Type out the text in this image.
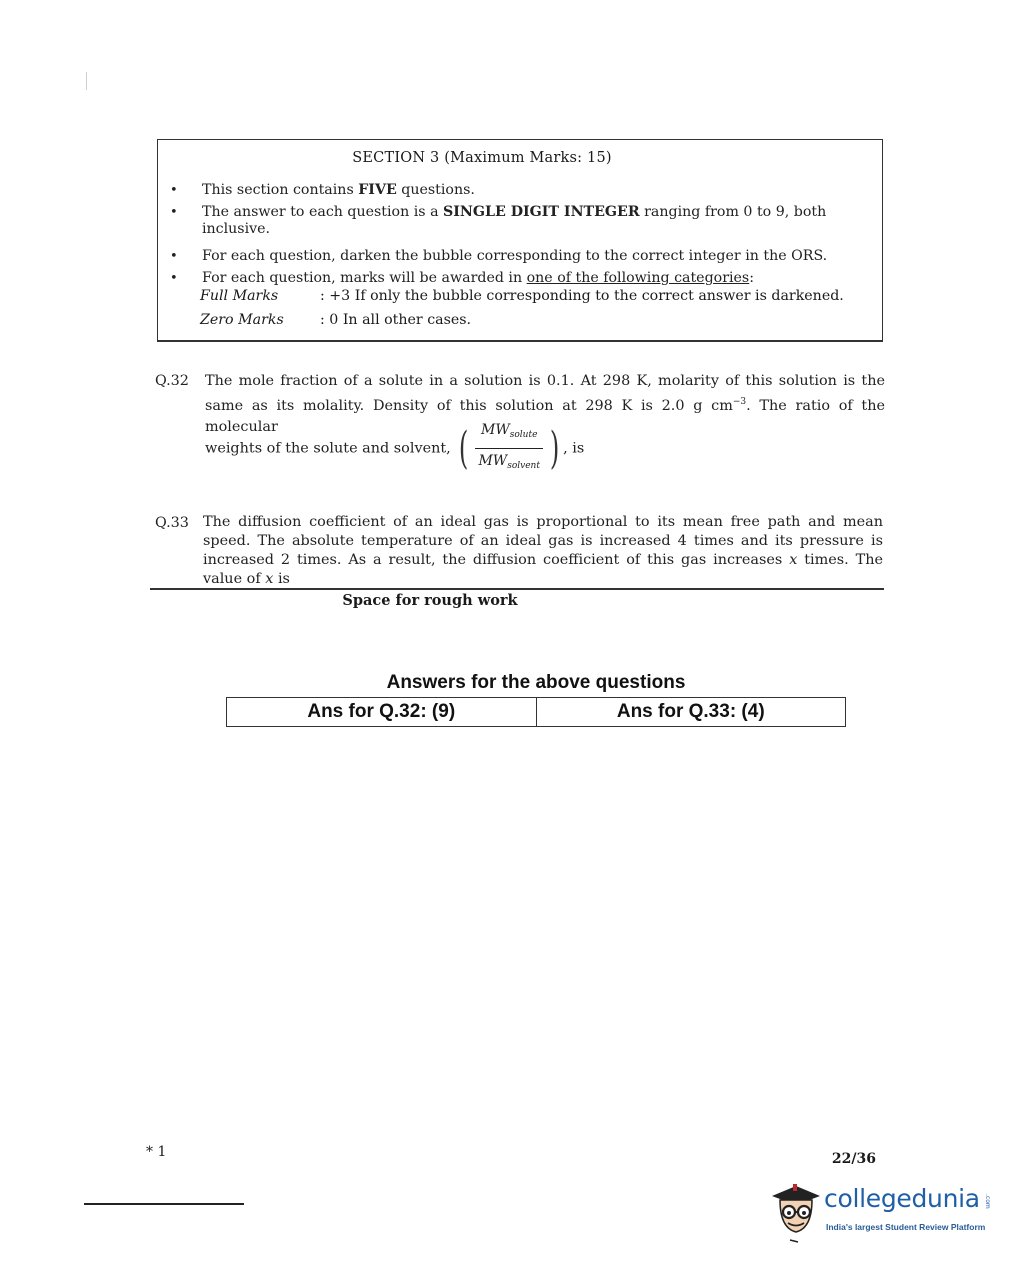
SECTION 3 (Maximum Marks: 15)
• This section contains FIVE questions.
• The answer to each question is a SINGLE DIGIT INTEGER ranging from 0 to 9, both inclusive.
• For each question, darken the bubble corresponding to the correct integer in the ORS.
• For each question, marks will be awarded in one of the following categories:
Full Marks	: +3 If only the bubble corresponding to the correct answer is darkened.
Zero Marks	: 0 In all other cases.
Q.32 The mole fraction of a solute in a solution is 0.1. At 298 K, molarity of this solution is the same as its molality. Density of this solution at 298 K is 2.0 g $cm^{-3}$. The ratio of the molecular
weights of the solute and solvent, ( $\frac{MW_{solute}}{MW_{solvent}}$ ) , is
Q.33 The diffusion coefficient of an ideal gas is proportional to its mean free path and mean speed. The absolute temperature of an ideal gas is increased 4 times and its pressure is increased 2 times. As a result, the diffusion coefficient of this gas increases x times. The value of x is
Space for rough work
Answers for the above questions
Ans for Q.32: (9)	Ans for Q.33: (4)
* 1	22/36
collegedunia .com
India's largest Student Review Platform
